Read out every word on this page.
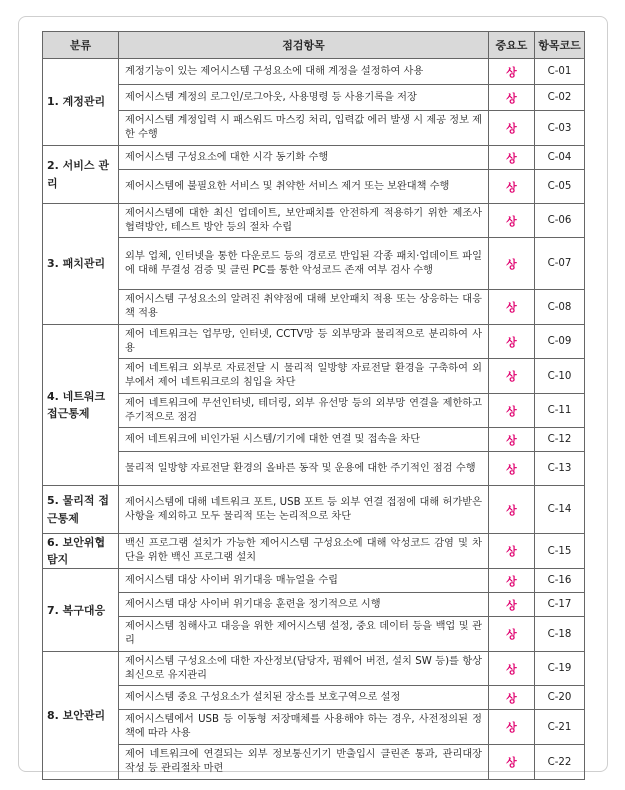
분류	점검항목	중요도	항목코드
1. 계정관리	계정기능이 있는 제어시스템 구성요소에 대해 계정을 설정하여 사용	상	C-01
	제어시스템 계정의 로그인/로그아웃, 사용명령 등 사용기록을 저장	상	C-02
	제어시스템 계정입력 시 패스워드 마스킹 처리, 입력값 에러 발생 시 제공 정보 제한 수행	상	C-03
2. 서비스 관리	제어시스템 구성요소에 대한 시각 동기화 수행	상	C-04
	제어시스템에 불필요한 서비스 및 취약한 서비스 제거 또는 보완대책 수행	상	C-05
3. 패치관리	제어시스템에 대한 최신 업데이트, 보안패치를 안전하게 적용하기 위한 제조사 협력방안, 테스트 방안 등의 절차 수립	상	C-06
	외부 업체, 인터넷을 통한 다운로드 등의 경로로 반입된 각종 패치·업데이트 파일에 대해 무결성 검증 및 클린 PC를 통한 악성코드 존재 여부 검사 수행	상	C-07
	제어시스템 구성요소의 알려진 취약점에 대해 보안패치 적용 또는 상응하는 대응책 적용	상	C-08
4. 네트워크 접근통제	제어 네트워크는 업무망, 인터넷, CCTV망 등 외부망과 물리적으로 분리하여 사용	상	C-09
	제어 네트워크 외부로 자료전달 시 물리적 일방향 자료전달 환경을 구축하여 외부에서 제어 네트워크로의 침입을 차단	상	C-10
	제어 네트워크에 무선인터넷, 테더링, 외부 유선망 등의 외부망 연결을 제한하고 주기적으로 점검	상	C-11
	제어 네트워크에 비인가된 시스템/기기에 대한 연결 및 접속을 차단	상	C-12
	물리적 일방향 자료전달 환경의 올바른 동작 및 운용에 대한 주기적인 점검 수행	상	C-13
5. 물리적 접근통제	제어시스템에 대해 네트워크 포트, USB 포트 등 외부 연결 접점에 대해 허가받은 사항을 제외하고 모두 물리적 또는 논리적으로 차단	상	C-14
6. 보안위협 탐지	백신 프로그램 설치가 가능한 제어시스템 구성요소에 대해 악성코드 감염 및 차단을 위한 백신 프로그램 설치	상	C-15
7. 복구대응	제어시스템 대상 사이버 위기대응 매뉴얼을 수립	상	C-16
	제어시스템 대상 사이버 위기대응 훈련을 정기적으로 시행	상	C-17
	제어시스템 침해사고 대응을 위한 제어시스템 설정, 중요 데이터 등을 백업 및 관리	상	C-18
8. 보안관리	제어시스템 구성요소에 대한 자산정보(담당자, 펌웨어 버전, 설치 SW 등)를 항상 최신으로 유지관리	상	C-19
	제어시스템 중요 구성요소가 설치된 장소를 보호구역으로 설정	상	C-20
	제어시스템에서 USB 등 이동형 저장매체를 사용해야 하는 경우, 사전정의된 정책에 따라 사용	상	C-21
	제어 네트워크에 연결되는 외부 정보통신기기 반출입시 클린존 통과, 관리대장 작성 등 관리절차 마련	상	C-22
